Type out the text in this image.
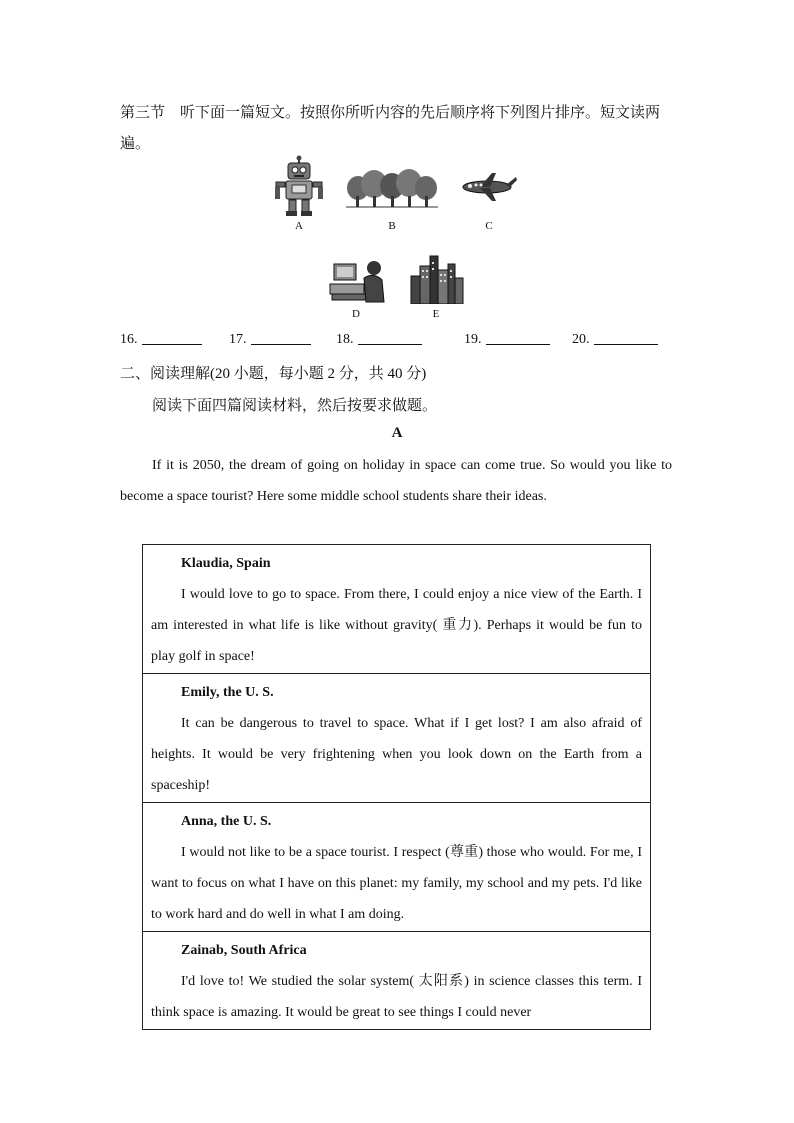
第三节　听下面一篇短文。按照你所听内容的先后顺序将下列图片排序。短文读两遍。
A	B	C
D	E
16.	17.	18.	19.	20.
二、阅读理解(20 小题，每小题 2 分，共 40 分)
阅读下面四篇阅读材料，然后按要求做题。
A

If it is 2050, the dream of going on holiday in space can come true. So would you like to become a space tourist? Here some middle school students share their ideas.

Klaudia, Spain
I would love to go to space. From there, I could enjoy a nice view of the Earth. I am interested in what life is like without gravity( 重力). Perhaps it would be fun to play golf in space!

Emily, the U. S.
It can be dangerous to travel to space. What if I get lost? I am also afraid of heights. It would be very frightening when you look down on the Earth from a spaceship!

Anna, the U. S.
I would not like to be a space tourist. I respect (尊重) those who would. For me, I want to focus on what I have on this planet: my family, my school and my pets. I'd like to work hard and do well in what I am doing.

Zainab, South Africa
I'd love to! We studied the solar system( 太阳系) in science classes this term. I think space is amazing. It would be great to see things I could never
